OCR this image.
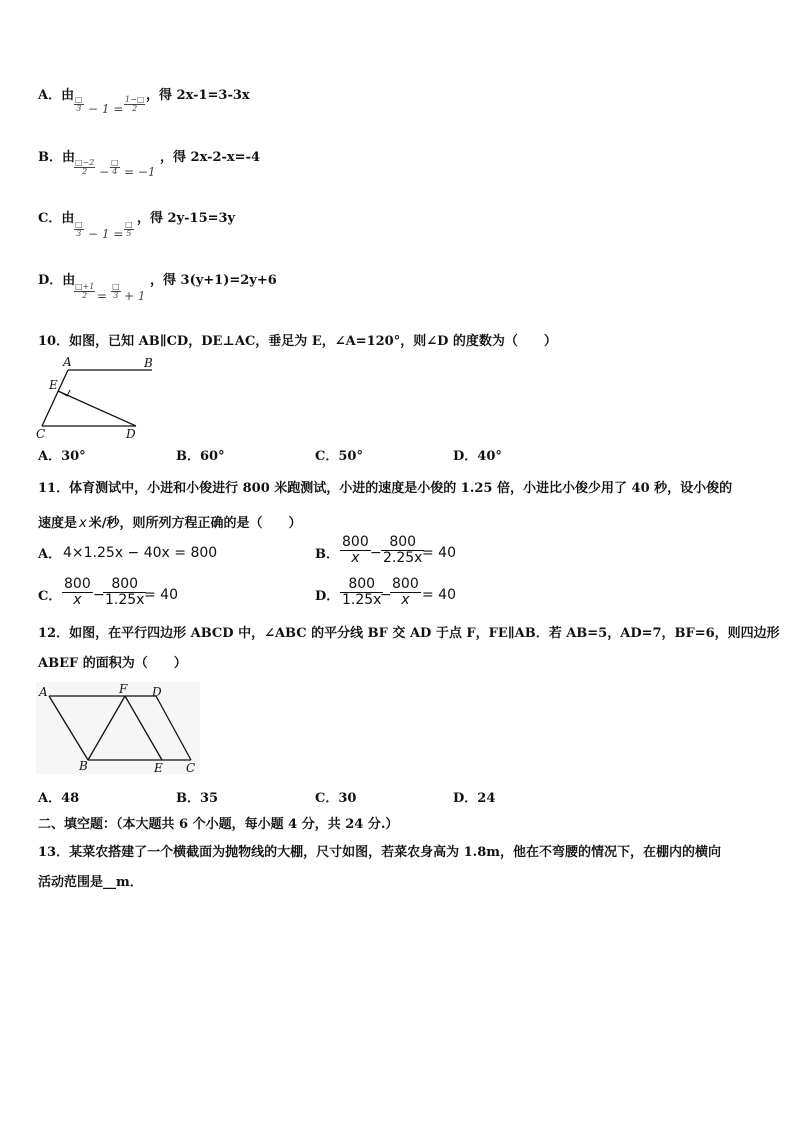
A．由 □
$3 - 1 = \frac{1-□}{2}$
，得 2x-1=3-3x
B．由
$\frac{□-2}{2}$ −
□
4 = −1
，得 2x-2-x=-4
C．由 □
3 − 1 =
□
5
，得 2y-15=3y
D．由
$\frac{□+1}{2}$ =
□
3 + 1
，得 3(y+1)=2y+6
10．如图，已知 AB∥CD，DE⊥AC，垂足为 E，∠A=120°，则∠D 的度数为（　　）
A	B
E
C	D
A．30°	B．60°	C．50°	D．40°
11．体育测试中，小进和小俊进行 800 米跑测试，小进的速度是小俊的 1.25 倍，小进比小俊少用了 40 秒，设小俊的
速度是 x 米/秒，则所列方程正确的是（　　）
A． 4×1.25x − 40x = 800	B． $\frac{800}{x} - \frac{800}{2.25x}$
= 40
C． $\frac{800}{x}$ −
$\frac{800}{1.25x}$
= 40	D． $\frac{800}{1.25x}$
−
$\frac{800}{x} = 40$
12．如图，在平行四边形 ABCD 中，∠ABC 的平分线 BF 交 AD 于点 F，FE∥AB．若 AB=5，AD=7，BF=6，则四边形
ABEF 的面积为（　　）
A	F D
B	E C
A．48	B．35	C．30	D．24
二、填空题：（本大题共 6 个小题，每小题 4 分，共 24 分.）
13．某菜农搭建了一个横截面为抛物线的大棚，尺寸如图，若菜农身高为 1.8m，他在不弯腰的情况下，在棚内的横向
活动范围是__m．
